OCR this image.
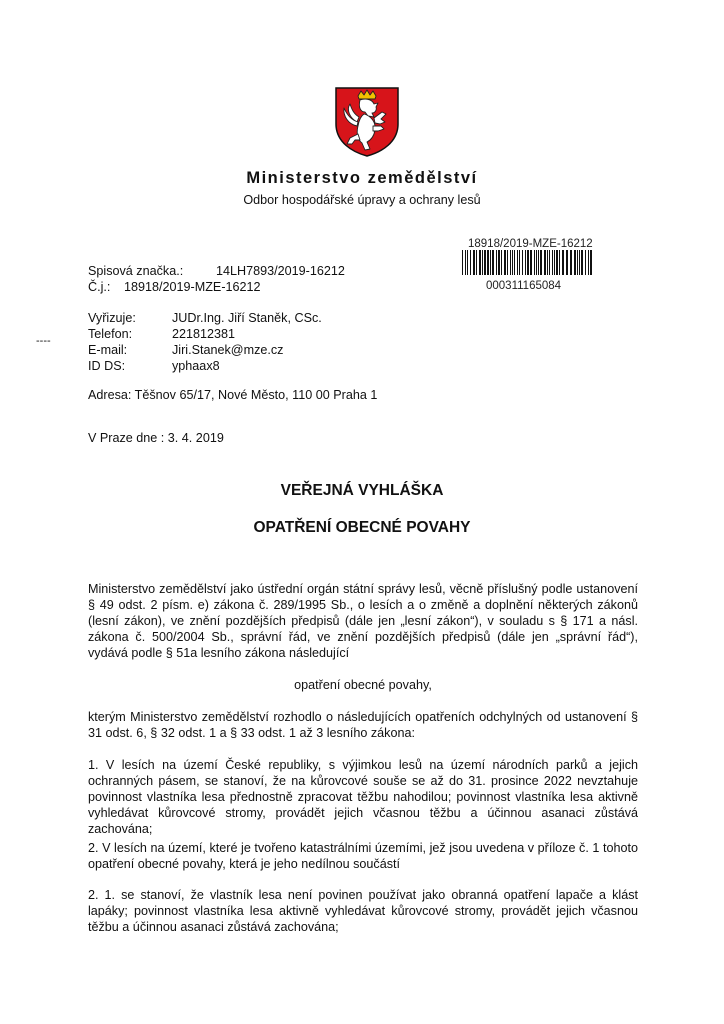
Ministerstvo zemědělství
Odbor hospodářské úpravy a ochrany lesů
18918/2019-MZE-16212
000311165084
Spisová značka.:	14LH7893/2019-16212
Č.j.: 18918/2019-MZE-16212
----
Vyřizuje:	JUDr.Ing. Jiří Staněk, CSc.
Telefon:	221812381
E-mail:	Jiri.Stanek@mze.cz
ID DS:	yphaax8
Adresa: Těšnov 65/17, Nové Město, 110 00 Praha 1
V Praze dne : 3. 4. 2019
VEŘEJNÁ VYHLÁŠKA
OPATŘENÍ OBECNÉ POVAHY

Ministerstvo zemědělství jako ústřední orgán státní správy lesů, věcně příslušný podle ustanovení § 49 odst. 2 písm. e) zákona č. 289/1995 Sb., o lesích a o změně a doplnění některých zákonů (lesní zákon), ve znění pozdějších předpisů (dále jen „lesní zákon“), v souladu s § 171 a násl. zákona č. 500/2004 Sb., správní řád, ve znění pozdějších předpisů (dále jen „správní řád“), vydává podle § 51a lesního zákona následující

opatření obecné povahy,

kterým Ministerstvo zemědělství rozhodlo o následujících opatřeních odchylných od ustanovení § 31 odst. 6, § 32 odst. 1 a § 33 odst. 1 až 3 lesního zákona:

1. V lesích na území České republiky, s výjimkou lesů na území národních parků a jejich ochranných pásem, se stanoví, že na kůrovcové souše se až do 31. prosince 2022 nevztahuje povinnost vlastníka lesa přednostně zpracovat těžbu nahodilou; povinnost vlastníka lesa aktivně vyhledávat kůrovcové stromy, provádět jejich včasnou těžbu a účinnou asanaci zůstává zachována;

2. V lesích na území, které je tvořeno katastrálními územími, jež jsou uvedena v příloze č. 1 tohoto opatření obecné povahy, která je jeho nedílnou součástí

2. 1. se stanoví, že vlastník lesa není povinen používat jako obranná opatření lapače a klást lapáky; povinnost vlastníka lesa aktivně vyhledávat kůrovcové stromy, provádět jejich včasnou těžbu a účinnou asanaci zůstává zachována;
